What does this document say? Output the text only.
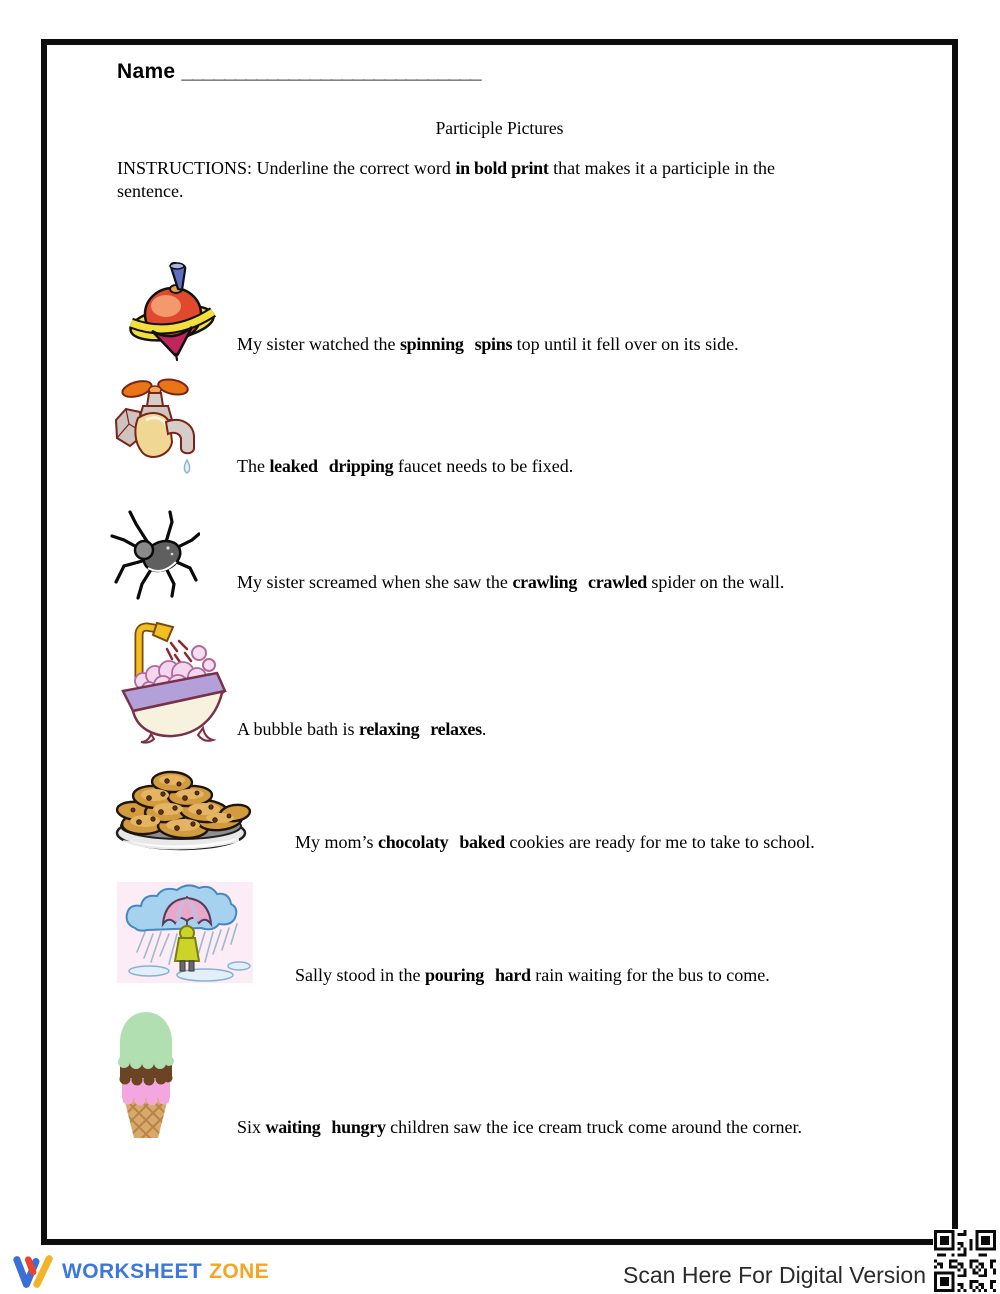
Name ____________________________
Participle Pictures

INSTRUCTIONS: Underline the correct word in bold print that makes it a participle in the
sentence.

My sister watched the spinning spins top until it fell over on its side.

The leaked dripping faucet needs to be fixed.

My sister screamed when she saw the crawling crawled spider on the wall.

A bubble bath is relaxing relaxes.

My mom’s chocolaty baked cookies are ready for me to take to school.

Sally stood in the pouring hard rain waiting for the bus to come.

Six waiting hungry children saw the ice cream truck come around the corner.

WORKSHEET ZONE	Scan Here For Digital Version
